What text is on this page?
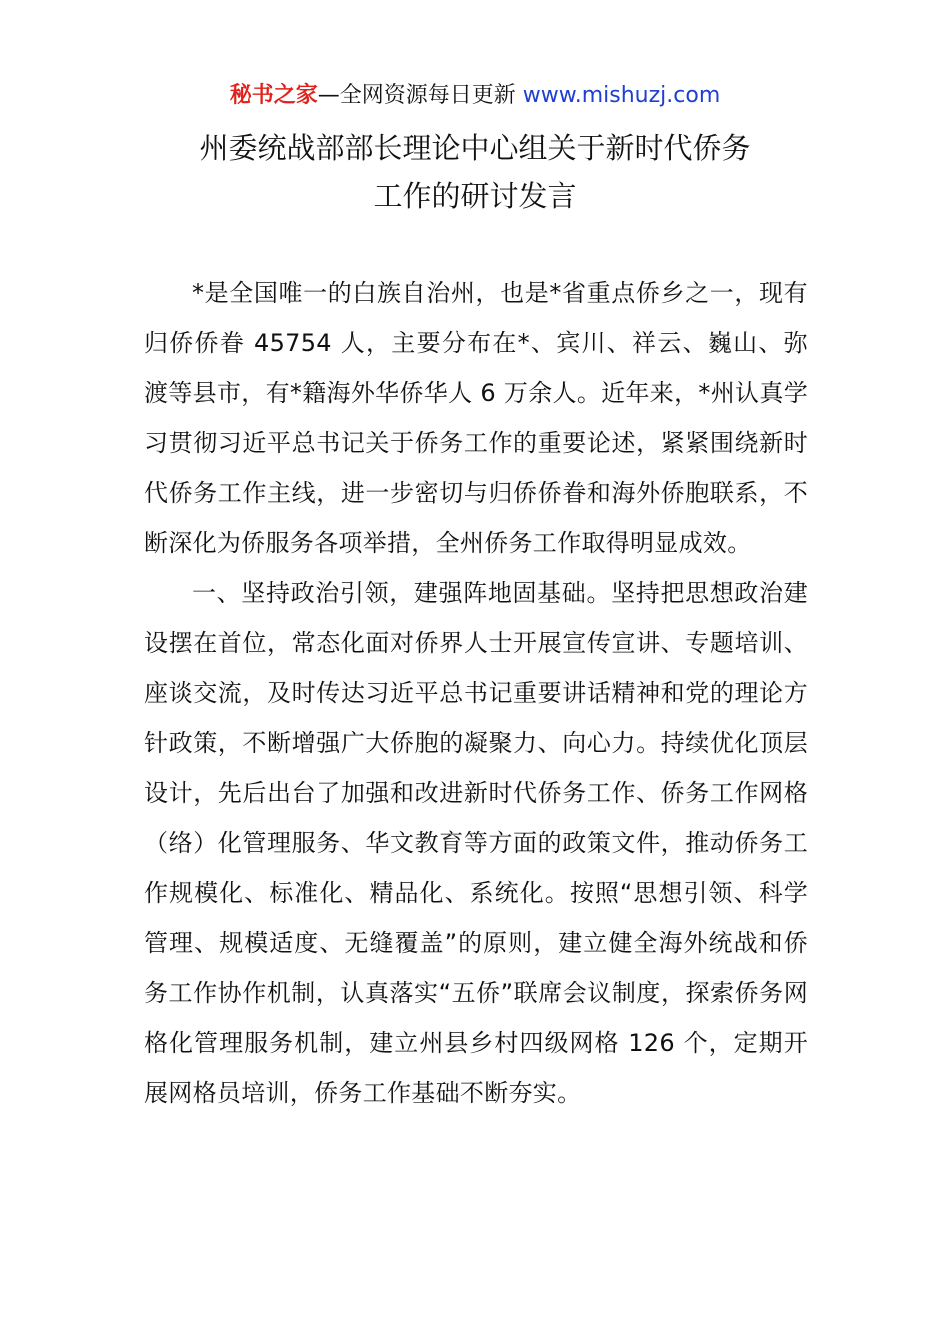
秘书之家—全网资源每日更新 www.mishuzj.com
州委统战部部长理论中心组关于新时代侨务
工作的研讨发言

*是全国唯一的白族自治州，也是*省重点侨乡之一，现有归侨侨眷 45754 人，主要分布在*、宾川、祥云、巍山、弥渡等县市，有*籍海外华侨华人 6 万余人。近年来，*州认真学习贯彻习近平总书记关于侨务工作的重要论述，紧紧围绕新时代侨务工作主线，进一步密切与归侨侨眷和海外侨胞联系，不断深化为侨服务各项举措，全州侨务工作取得明显成效。

一、坚持政治引领，建强阵地固基础。坚持把思想政治建设摆在首位，常态化面对侨界人士开展宣传宣讲、专题培训、座谈交流，及时传达习近平总书记重要讲话精神和党的理论方针政策，不断增强广大侨胞的凝聚力、向心力。持续优化顶层设计，先后出台了加强和改进新时代侨务工作、侨务工作网格（络）化管理服务、华文教育等方面的政策文件，推动侨务工作规模化、标准化、精品化、系统化。按照“思想引领、科学管理、规模适度、无缝覆盖”的原则，建立健全海外统战和侨务工作协作机制，认真落实“五侨”联席会议制度，探索侨务网格化管理服务机制，建立州县乡村四级网格 126 个，定期开展网格员培训，侨务工作基础不断夯实。
